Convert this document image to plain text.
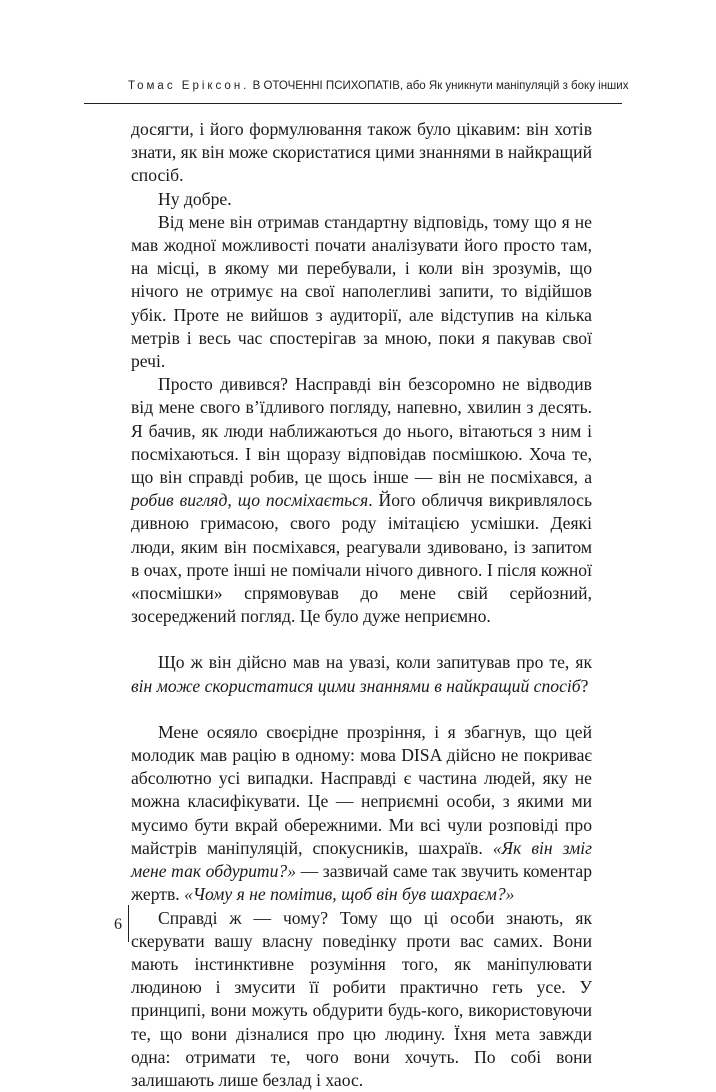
Томас Еріксон. В ОТОЧЕННІ ПСИХОПАТІВ, або Як уникнути маніпуляцій з боку інших

досягти, і його формулювання також було цікавим: він хотів знати, як він може скористатися цими знаннями в найкращий спосіб.

Ну добре.

Від мене він отримав стандартну відповідь, тому що я не мав жодної можливості почати аналізувати його просто там, на місці, в якому ми перебували, і коли він зрозумів, що нічого не отримує на свої наполегливі запити, то відійшов убік. Проте не вийшов з аудиторії, але відступив на кілька метрів і весь час спостерігав за мною, поки я пакував свої речі.

Просто дивився? Насправді він безсоромно не відводив від мене свого в’їдливого погляду, напевно, хвилин з десять. Я бачив, як люди наближаються до нього, вітаються з ним і посміхаються. І він щоразу відповідав посмішкою. Хоча те, що він справді робив, це щось інше — він не посміхався, а робив вигляд, що посміхається. Його обличчя викривлялось дивною гримасою, свого роду імітацією усмішки. Деякі люди, яким він посміхався, реагували здивовано, із запитом в очах, проте інші не помічали нічого дивного. І після кожної «посмішки» спрямовував до мене свій серйозний, зосереджений погляд. Це було дуже неприємно.

Що ж він дійсно мав на увазі, коли запитував про те, як він може скористатися цими знаннями в найкращий спосіб?

Мене осяяло своєрідне прозріння, і я збагнув, що цей молодик мав рацію в одному: мова DISA дійсно не покриває абсолютно усі випадки. Насправді є частина людей, яку не можна класифікувати. Це — неприємні особи, з якими ми мусимо бути вкрай обережними. Ми всі чули розповіді про майстрів маніпуляцій, спокусників, шахраїв. «Як він зміг мене так обдурити?» — зазвичай саме так звучить коментар жертв. «Чому я не помітив, щоб він був шахраєм?»

Справді ж — чому? Тому що ці особи знають, як скерувати вашу власну поведінку проти вас самих. Вони мають інстинктивне розуміння того, як маніпулювати людиною і змусити її робити практично геть усе. У принципі, вони можуть обдурити будь-кого, використовуючи те, що вони дізналися про цю людину. Їхня мета завжди одна: отримати те, чого вони хочуть. По собі вони залишають лише безлад і хаос.

6
